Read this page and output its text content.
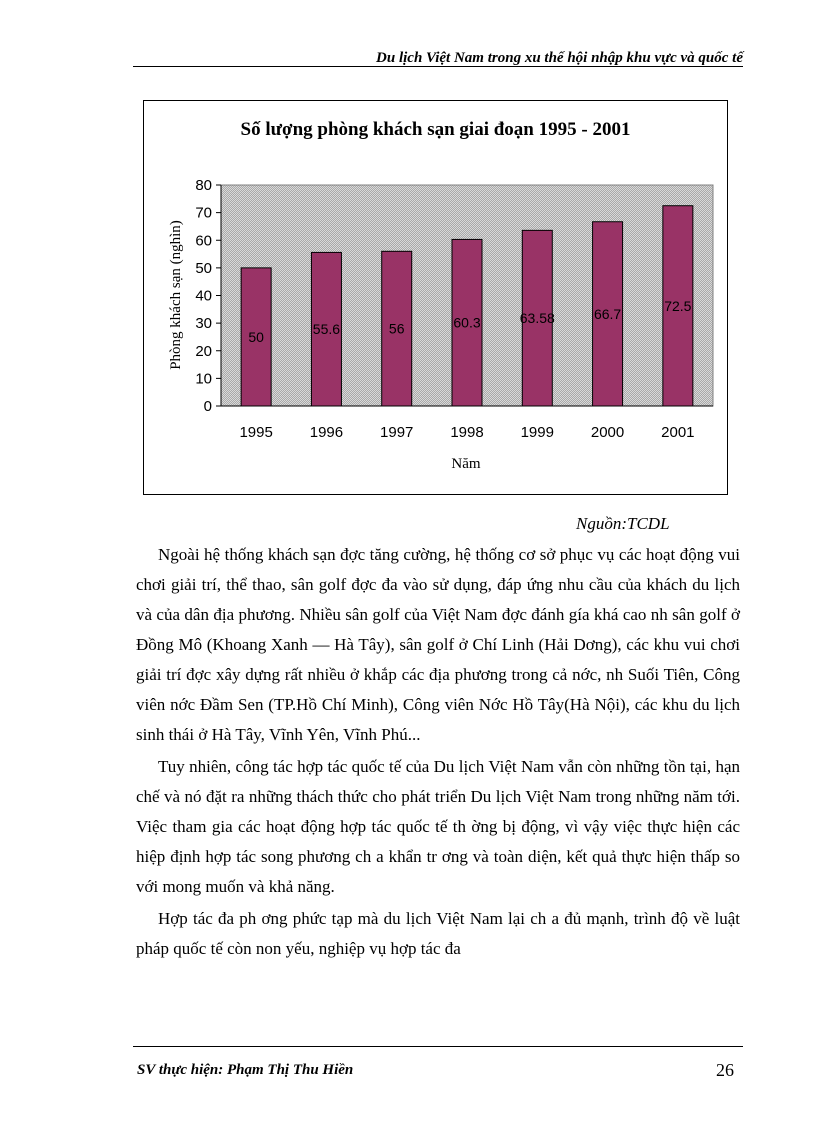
Du lịch Việt Nam trong xu thế hội nhập khu vực và quốc tế
Số lượng phòng khách sạn giai đoạn 1995 - 2001
0
10
20
30
40
50
60
70
80
50	55.6	56	60.3	63.58	66.7
72.5
1995 1996 1997 1998 1999 2000 2001
Phòng khách sạn (nghìn)
Năm
Nguồn:TCDL

Ngoài hệ thống khách sạn đợc tăng cường, hệ thống cơ sở phục vụ các hoạt động vui chơi giải trí, thể thao, sân golf đợc đa vào sử dụng, đáp ứng nhu cầu của khách du lịch và của dân địa phương. Nhiều sân golf của Việt Nam đợc đánh gía khá cao nh sân golf ở Đồng Mô (Khoang Xanh — Hà Tây), sân golf ở Chí Linh (Hải Dơng), các khu vui chơi giải trí đợc xây dựng rất nhiều ở khắp các địa phương trong cả nớc, nh Suối Tiên, Công viên nớc Đầm Sen (TP.Hồ Chí Minh), Công viên Nớc Hồ Tây(Hà Nội), các khu du lịch sinh thái ở Hà Tây, Vĩnh Yên, Vĩnh Phú...

Tuy nhiên, công tác hợp tác quốc tế của Du lịch Việt Nam vẫn còn những tồn tại, hạn chế và nó đặt ra những thách thức cho phát triển Du lịch Việt Nam trong những năm tới. Việc tham gia các hoạt động hợp tác quốc tế th ờng bị động, vì vậy việc thực hiện các hiệp định hợp tác song phương ch a khẩn tr ơng và toàn diện, kết quả thực hiện thấp so với mong muốn và khả năng.

Hợp tác đa ph ơng phức tạp mà du lịch Việt Nam lại ch a đủ mạnh, trình độ về luật pháp quốc tế còn non yếu, nghiệp vụ hợp tác đa

SV thực hiện: Phạm Thị Thu Hiền	26
